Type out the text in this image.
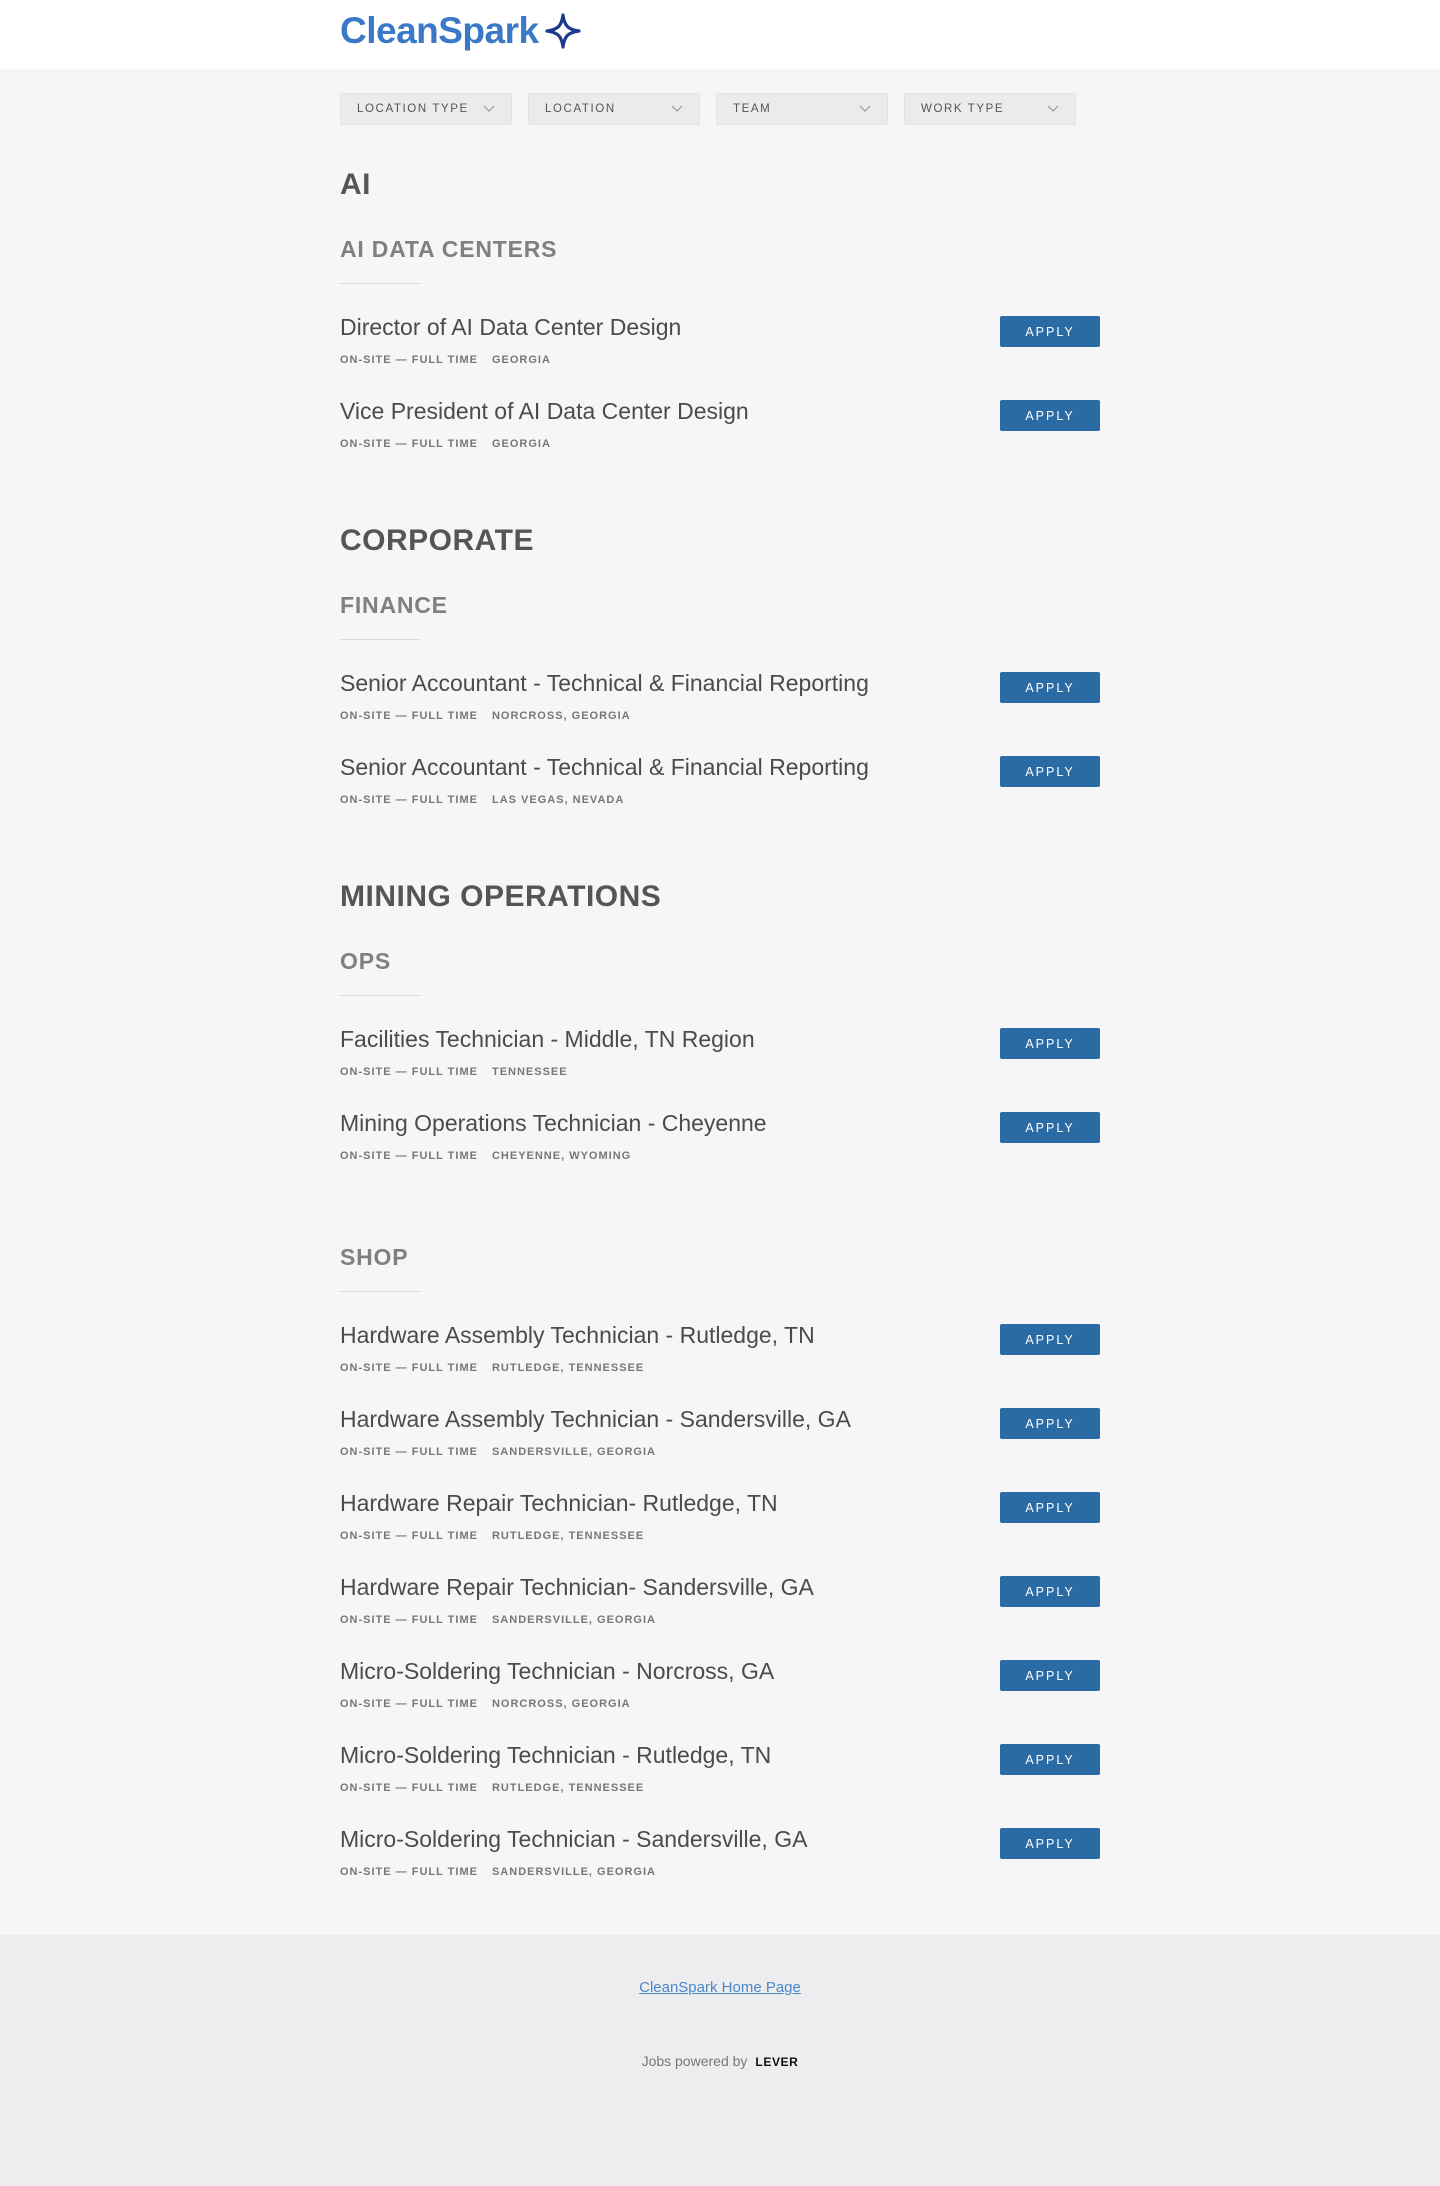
CleanSpark
LOCATION TYPE	LOCATION	TEAM	WORK TYPE
AI
AI DATA CENTERS
Director of AI Data Center Design
ON-SITE — FULL TIME GEORGIA
APPLY
Vice President of AI Data Center Design
ON-SITE — FULL TIME GEORGIA
APPLY
CORPORATE
FINANCE
Senior Accountant - Technical & Financial Reporting
ON-SITE — FULL TIME NORCROSS, GEORGIA
APPLY
Senior Accountant - Technical & Financial Reporting
ON-SITE — FULL TIME LAS VEGAS, NEVADA
APPLY
MINING OPERATIONS
OPS
Facilities Technician - Middle, TN Region
ON-SITE — FULL TIME TENNESSEE
APPLY
Mining Operations Technician - Cheyenne
ON-SITE — FULL TIME CHEYENNE, WYOMING
APPLY
SHOP
Hardware Assembly Technician - Rutledge, TN
ON-SITE — FULL TIME RUTLEDGE, TENNESSEE
APPLY
Hardware Assembly Technician - Sandersville, GA
ON-SITE — FULL TIME SANDERSVILLE, GEORGIA
APPLY
Hardware Repair Technician- Rutledge, TN
ON-SITE — FULL TIME RUTLEDGE, TENNESSEE
APPLY
Hardware Repair Technician- Sandersville, GA
ON-SITE — FULL TIME SANDERSVILLE, GEORGIA
APPLY
Micro-Soldering Technician - Norcross, GA
ON-SITE — FULL TIME NORCROSS, GEORGIA
APPLY
Micro-Soldering Technician - Rutledge, TN
ON-SITE — FULL TIME RUTLEDGE, TENNESSEE
APPLY
Micro-Soldering Technician - Sandersville, GA
ON-SITE — FULL TIME SANDERSVILLE, GEORGIA
APPLY
CleanSpark Home Page
Jobs powered by LEVER
